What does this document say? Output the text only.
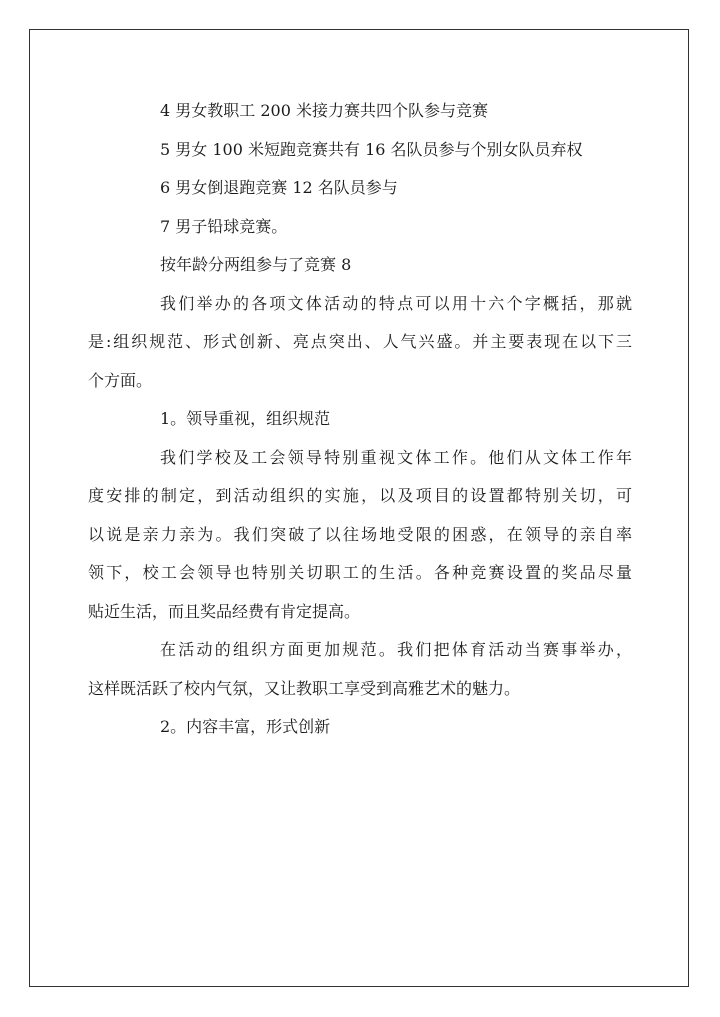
4 男女教职工 200 米接力赛共四个队参与竞赛

5 男女 100 米短跑竞赛共有 16 名队员参与个别女队员弃权

6 男女倒退跑竞赛 12 名队员参与

7 男子铅球竞赛。

按年龄分两组参与了竞赛 8

我们举办的各项文体活动的特点可以用十六个字概括，那就

是:组织规范、形式创新、亮点突出、人气兴盛。并主要表现在以下三

个方面。

1。领导重视，组织规范

我们学校及工会领导特别重视文体工作。他们从文体工作年

度安排的制定，到活动组织的实施，以及项目的设置都特别关切，可

以说是亲力亲为。我们突破了以往场地受限的困惑，在领导的亲自率

领下，校工会领导也特别关切职工的生活。各种竞赛设置的奖品尽量

贴近生活，而且奖品经费有肯定提高。

在活动的组织方面更加规范。我们把体育活动当赛事举办，

这样既活跃了校内气氛，又让教职工享受到高雅艺术的魅力。

2。内容丰富，形式创新
